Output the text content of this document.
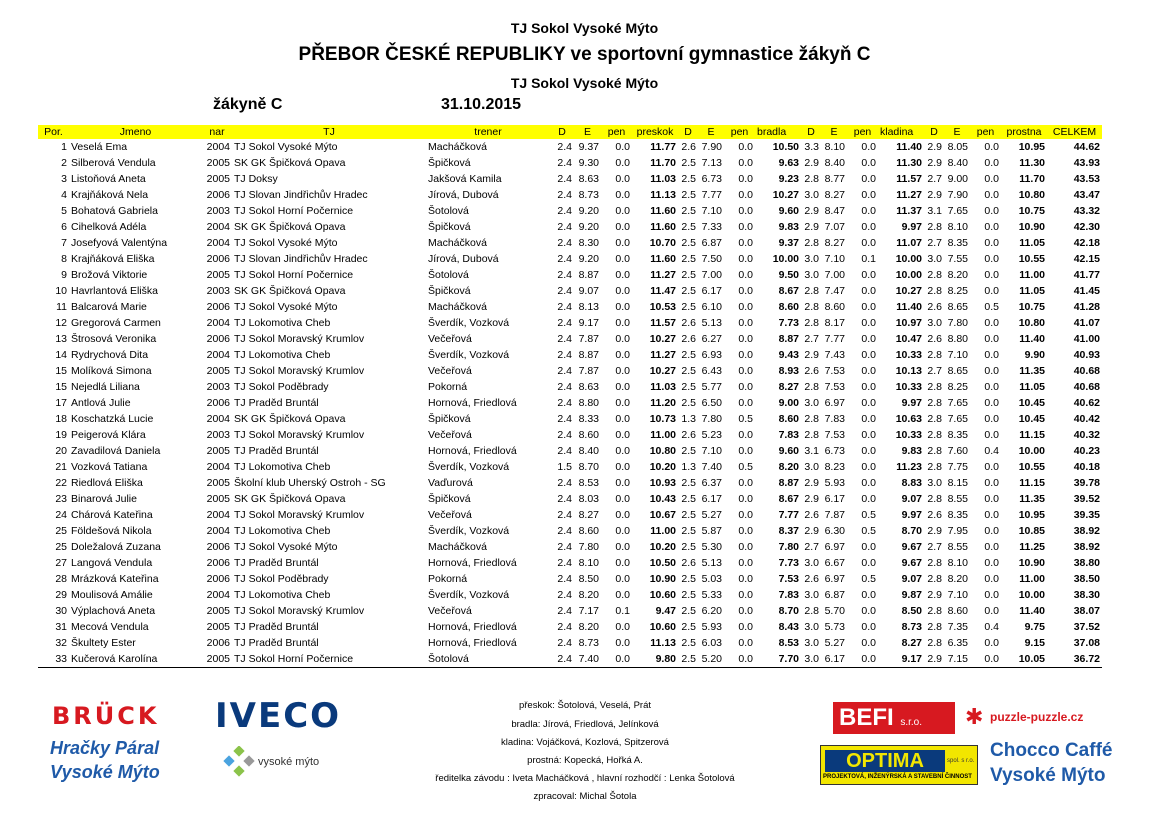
TJ Sokol Vysoké Mýto
PŘEBOR ČESKÉ REPUBLIKY ve sportovní gymnastice žákyň C
TJ Sokol Vysoké Mýto
žákyně C	31.10.2015
Por.	Jmeno	nar	TJ	trener	D	E	pen	preskok	D	E	pen	bradla	D	E	pen	kladina	D	E	pen	prostna	CELKEM
1	Veselá Ema	2004	TJ Sokol Vysoké Mýto	Macháčková	2.4	9.37	0.0	11.77	2.6	7.90	0.0	10.50	3.3	8.10	0.0	11.40	2.9	8.05	0.0	10.95	44.62
2	Silberová Vendula	2005	SK GK Špičková Opava	Špičková	2.4	9.30	0.0	11.70	2.5	7.13	0.0	9.63	2.9	8.40	0.0	11.30	2.9	8.40	0.0	11.30	43.93
3	Listoňová Aneta	2005	TJ Doksy	Jakšová Kamila	2.4	8.63	0.0	11.03	2.5	6.73	0.0	9.23	2.8	8.77	0.0	11.57	2.7	9.00	0.0	11.70	43.53
4	Krajňáková Nela	2006	TJ Slovan Jindřichův Hradec	Jírová, Dubová	2.4	8.73	0.0	11.13	2.5	7.77	0.0	10.27	3.0	8.27	0.0	11.27	2.9	7.90	0.0	10.80	43.47
5	Bohatová Gabriela	2003	TJ Sokol Horní Počernice	Šotolová	2.4	9.20	0.0	11.60	2.5	7.10	0.0	9.60	2.9	8.47	0.0	11.37	3.1	7.65	0.0	10.75	43.32
6	Cihelková Adéla	2004	SK GK Špičková Opava	Špičková	2.4	9.20	0.0	11.60	2.5	7.33	0.0	9.83	2.9	7.07	0.0	9.97	2.8	8.10	0.0	10.90	42.30
7	Josefyová Valentýna	2004	TJ Sokol Vysoké Mýto	Macháčková	2.4	8.30	0.0	10.70	2.5	6.87	0.0	9.37	2.8	8.27	0.0	11.07	2.7	8.35	0.0	11.05	42.18
8	Krajňáková Eliška	2006	TJ Slovan Jindřichův Hradec	Jírová, Dubová	2.4	9.20	0.0	11.60	2.5	7.50	0.0	10.00	3.0	7.10	0.1	10.00	3.0	7.55	0.0	10.55	42.15
9	Brožová Viktorie	2005	TJ Sokol Horní Počernice	Šotolová	2.4	8.87	0.0	11.27	2.5	7.00	0.0	9.50	3.0	7.00	0.0	10.00	2.8	8.20	0.0	11.00	41.77
10	Havrlantová Eliška	2003	SK GK Špičková Opava	Špičková	2.4	9.07	0.0	11.47	2.5	6.17	0.0	8.67	2.8	7.47	0.0	10.27	2.8	8.25	0.0	11.05	41.45
11	Balcarová Marie	2006	TJ Sokol Vysoké Mýto	Macháčková	2.4	8.13	0.0	10.53	2.5	6.10	0.0	8.60	2.8	8.60	0.0	11.40	2.6	8.65	0.5	10.75	41.28
12	Gregorová Carmen	2004	TJ Lokomotiva Cheb	Šverdík, Vozková	2.4	9.17	0.0	11.57	2.6	5.13	0.0	7.73	2.8	8.17	0.0	10.97	3.0	7.80	0.0	10.80	41.07
13	Štrosová Veronika	2006	TJ Sokol Moravský Krumlov	Večeřová	2.4	7.87	0.0	10.27	2.6	6.27	0.0	8.87	2.7	7.77	0.0	10.47	2.6	8.80	0.0	11.40	41.00
14	Rydrychová Dita	2004	TJ Lokomotiva Cheb	Šverdík, Vozková	2.4	8.87	0.0	11.27	2.5	6.93	0.0	9.43	2.9	7.43	0.0	10.33	2.8	7.10	0.0	9.90	40.93
15	Molíková Simona	2005	TJ Sokol Moravský Krumlov	Večeřová	2.4	7.87	0.0	10.27	2.5	6.43	0.0	8.93	2.6	7.53	0.0	10.13	2.7	8.65	0.0	11.35	40.68
15	Nejedlá Liliana	2003	TJ Sokol Poděbrady	Pokorná	2.4	8.63	0.0	11.03	2.5	5.77	0.0	8.27	2.8	7.53	0.0	10.33	2.8	8.25	0.0	11.05	40.68
17	Antlová Julie	2006	TJ Praděd Bruntál	Hornová, Friedlová	2.4	8.80	0.0	11.20	2.5	6.50	0.0	9.00	3.0	6.97	0.0	9.97	2.8	7.65	0.0	10.45	40.62
18	Koschatzká Lucie	2004	SK GK Špičková Opava	Špičková	2.4	8.33	0.0	10.73	1.3	7.80	0.5	8.60	2.8	7.83	0.0	10.63	2.8	7.65	0.0	10.45	40.42
19	Peigerová Klára	2003	TJ Sokol Moravský Krumlov	Večeřová	2.4	8.60	0.0	11.00	2.6	5.23	0.0	7.83	2.8	7.53	0.0	10.33	2.8	8.35	0.0	11.15	40.32
20	Zavadilová Daniela	2005	TJ Praděd Bruntál	Hornová, Friedlová	2.4	8.40	0.0	10.80	2.5	7.10	0.0	9.60	3.1	6.73	0.0	9.83	2.8	7.60	0.4	10.00	40.23
21	Vozková Tatiana	2004	TJ Lokomotiva Cheb	Šverdík, Vozková	1.5	8.70	0.0	10.20	1.3	7.40	0.5	8.20	3.0	8.23	0.0	11.23	2.8	7.75	0.0	10.55	40.18
22	Riedlová Eliška	2005	Školní klub Uherský Ostroh - SG	Vaďurová	2.4	8.53	0.0	10.93	2.5	6.37	0.0	8.87	2.9	5.93	0.0	8.83	3.0	8.15	0.0	11.15	39.78
23	Binarová Julie	2005	SK GK Špičková Opava	Špičková	2.4	8.03	0.0	10.43	2.5	6.17	0.0	8.67	2.9	6.17	0.0	9.07	2.8	8.55	0.0	11.35	39.52
24	Chárová Kateřina	2004	TJ Sokol Moravský Krumlov	Večeřová	2.4	8.27	0.0	10.67	2.5	5.27	0.0	7.77	2.6	7.87	0.5	9.97	2.6	8.35	0.0	10.95	39.35
25	Földešová Nikola	2004	TJ Lokomotiva Cheb	Šverdík, Vozková	2.4	8.60	0.0	11.00	2.5	5.87	0.0	8.37	2.9	6.30	0.5	8.70	2.9	7.95	0.0	10.85	38.92
25	Doležalová Zuzana	2006	TJ Sokol Vysoké Mýto	Macháčková	2.4	7.80	0.0	10.20	2.5	5.30	0.0	7.80	2.7	6.97	0.0	9.67	2.7	8.55	0.0	11.25	38.92
27	Langová Vendula	2006	TJ Praděd Bruntál	Hornová, Friedlová	2.4	8.10	0.0	10.50	2.6	5.13	0.0	7.73	3.0	6.67	0.0	9.67	2.8	8.10	0.0	10.90	38.80
28	Mrázková Kateřina	2006	TJ Sokol Poděbrady	Pokorná	2.4	8.50	0.0	10.90	2.5	5.03	0.0	7.53	2.6	6.97	0.5	9.07	2.8	8.20	0.0	11.00	38.50
29	Moulisová Amálie	2004	TJ Lokomotiva Cheb	Šverdík, Vozková	2.4	8.20	0.0	10.60	2.5	5.33	0.0	7.83	3.0	6.87	0.0	9.87	2.9	7.10	0.0	10.00	38.30
30	Výplachová Aneta	2005	TJ Sokol Moravský Krumlov	Večeřová	2.4	7.17	0.1	9.47	2.5	6.20	0.0	8.70	2.8	5.70	0.0	8.50	2.8	8.60	0.0	11.40	38.07
31	Mecová Vendula	2005	TJ Praděd Bruntál	Hornová, Friedlová	2.4	8.20	0.0	10.60	2.5	5.93	0.0	8.43	3.0	5.73	0.0	8.73	2.8	7.35	0.4	9.75	37.52
32	Škultety Ester	2006	TJ Praděd Bruntál	Hornová, Friedlová	2.4	8.73	0.0	11.13	2.5	6.03	0.0	8.53	3.0	5.27	0.0	8.27	2.8	6.35	0.0	9.15	37.08
33	Kučerová Karolína	2005	TJ Sokol Horní Počernice	Šotolová	2.4	7.40	0.0	9.80	2.5	5.20	0.0	7.70	3.0	6.17	0.0	9.17	2.9	7.15	0.0	10.05	36.72
BRÜCK IVECO
Hračky Páral
Vysoké Mýto	vysoké mýto
přeskok: Šotolová, Veselá, Prát
bradla: Jírová, Friedlová, Jelínková
kladina: Vojáčková, Kozlová, Spitzerová
prostná: Kopecká, Hořká A.
ředitelka závodu : Iveta Macháčková , hlavní rozhodčí : Lenka Šotolová
zpracoval: Michal Šotola
BEFI s.r.o.	✱ puzzle-puzzle.cz
OPTIMA	spol. s r.o.
PROJEKTOVÁ, INŽENÝRSKÁ A STAVEBNÍ ČINNOST
Chocco Caffé
Vysoké Mýto
